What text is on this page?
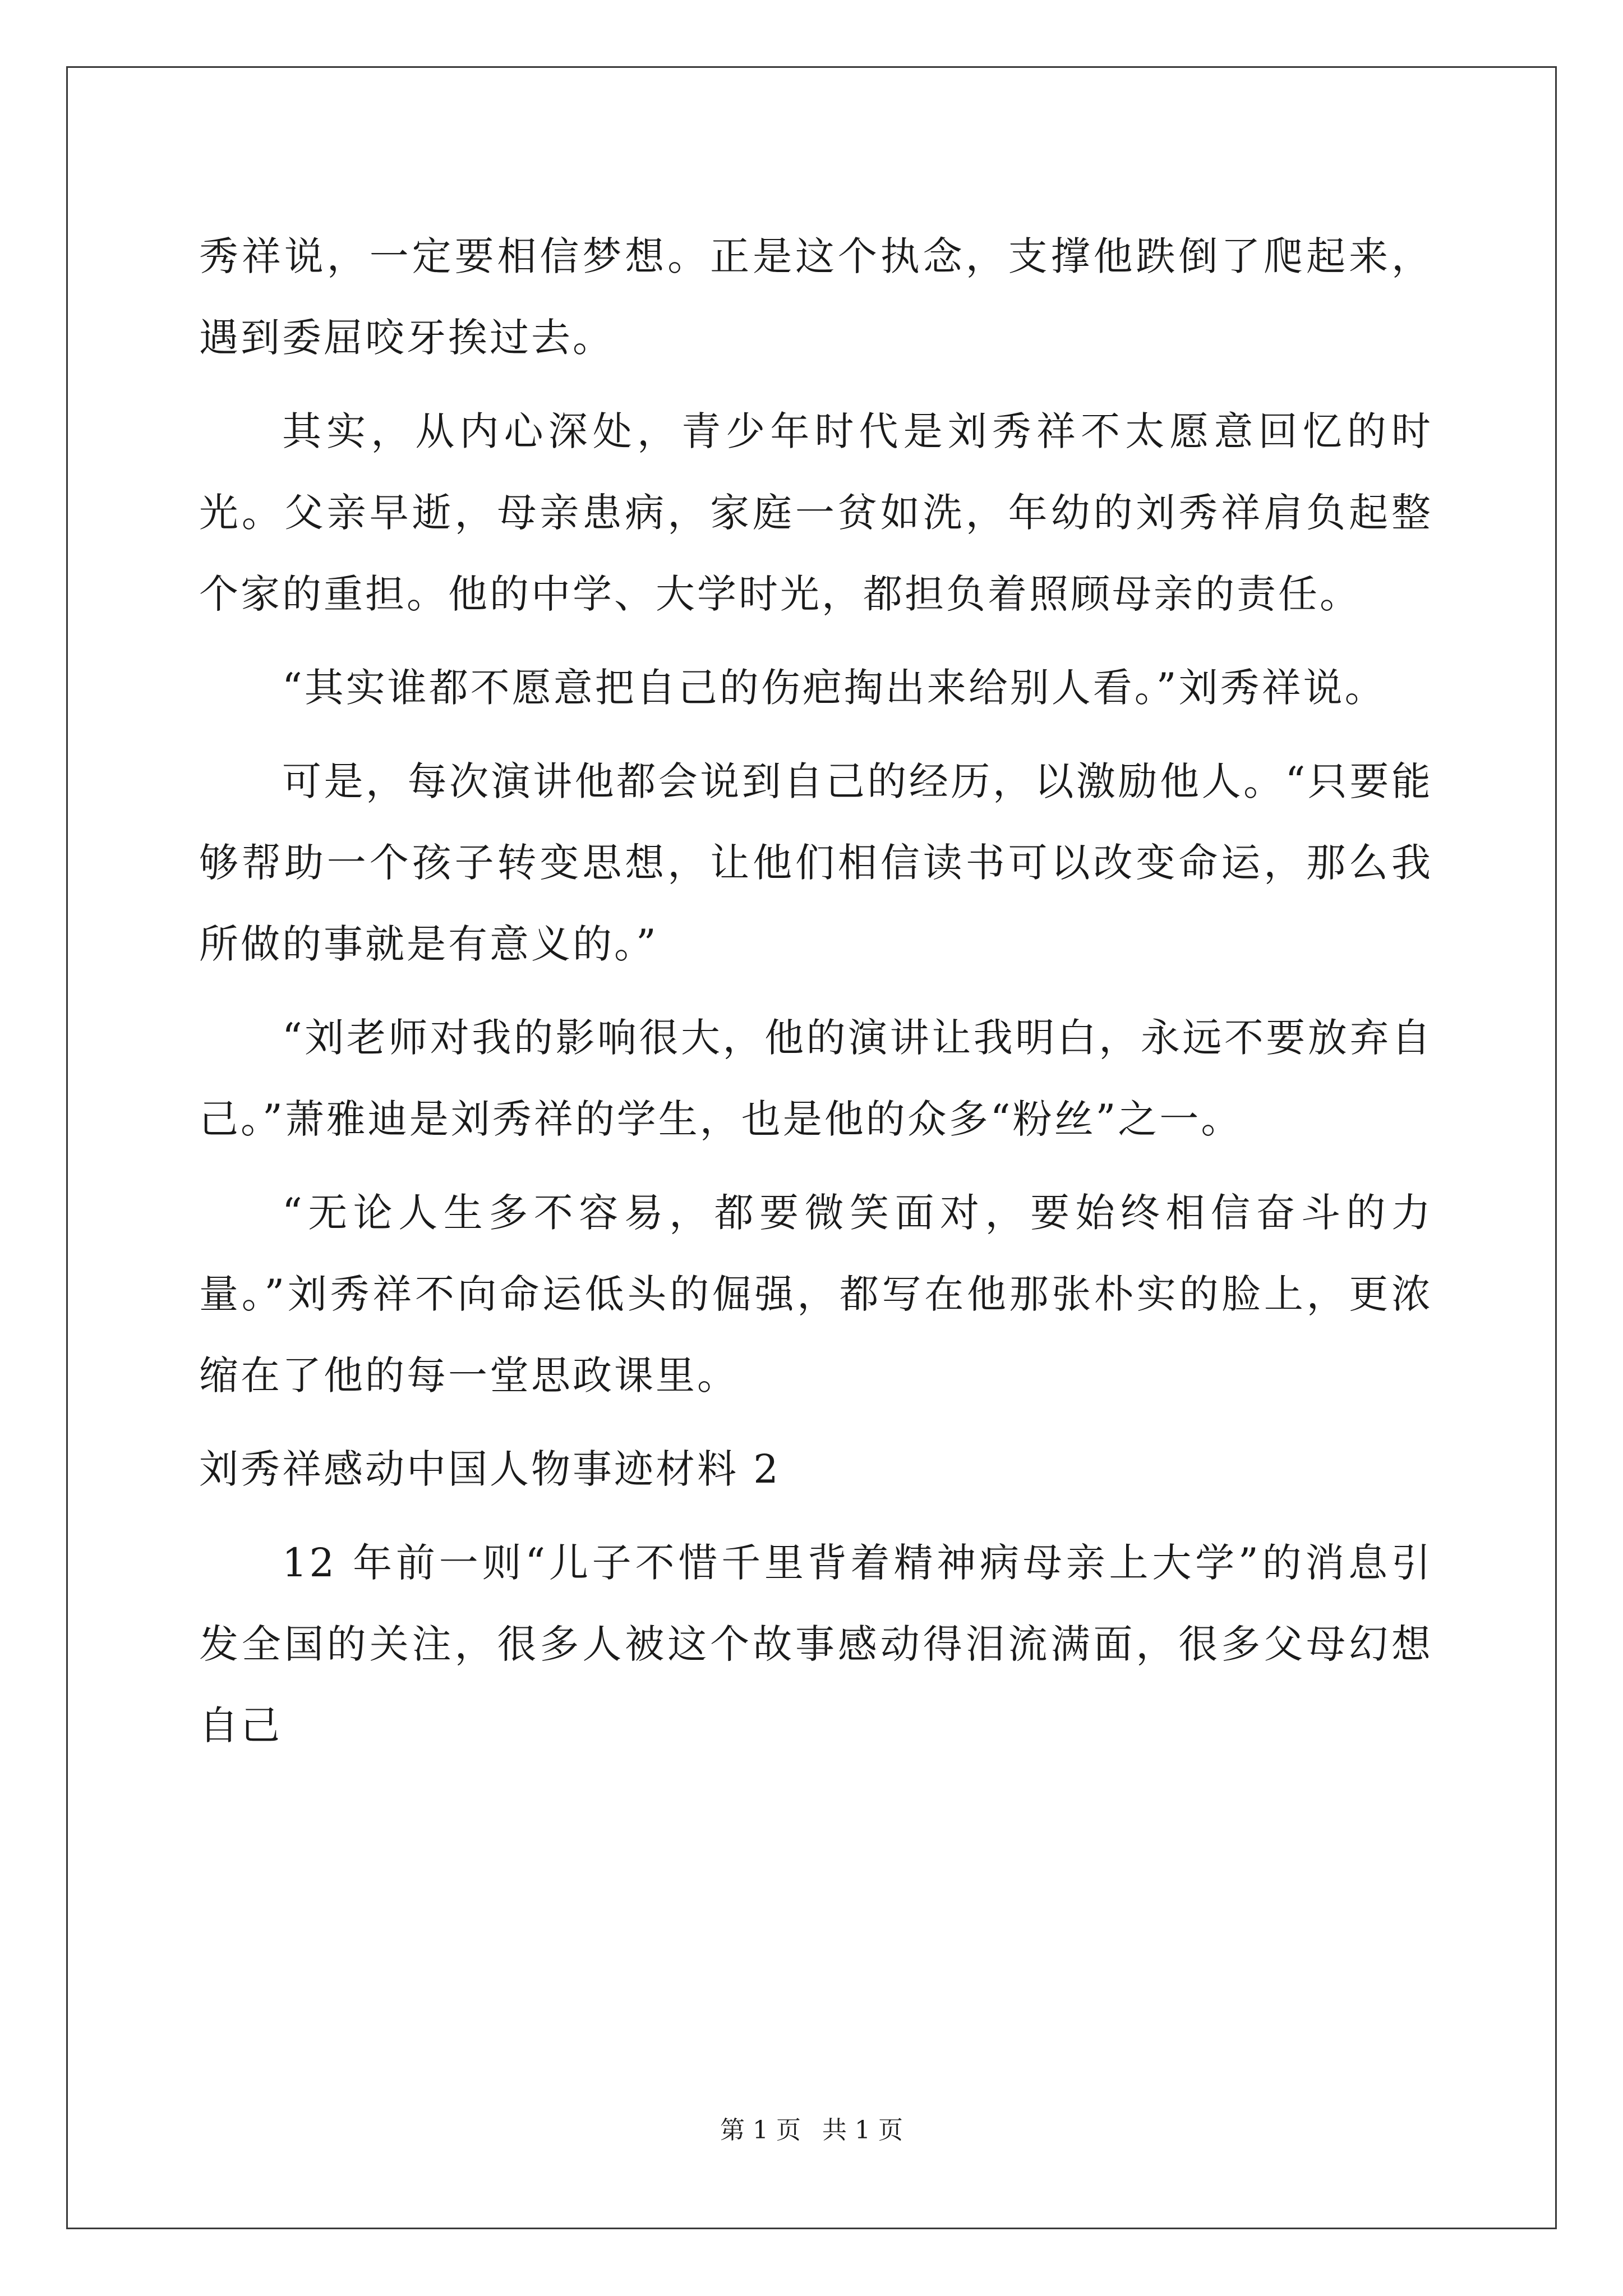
秀祥说，一定要相信梦想。正是这个执念，支撑他跌倒了爬起来，遇到委屈咬牙挨过去。

其实，从内心深处，青少年时代是刘秀祥不太愿意回忆的时光。父亲早逝，母亲患病，家庭一贫如洗，年幼的刘秀祥肩负起整个家的重担。他的中学、大学时光，都担负着照顾母亲的责任。

“其实谁都不愿意把自己的伤疤掏出来给别人看。”刘秀祥说。

可是，每次演讲他都会说到自己的经历，以激励他人。“只要能够帮助一个孩子转变思想，让他们相信读书可以改变命运，那么我所做的事就是有意义的。”

“刘老师对我的影响很大，他的演讲让我明白，永远不要放弃自己。”萧雅迪是刘秀祥的学生，也是他的众多“粉丝”之一。

“无论人生多不容易，都要微笑面对，要始终相信奋斗的力量。”刘秀祥不向命运低头的倔强，都写在他那张朴实的脸上，更浓缩在了他的每一堂思政课里。

刘秀祥感动中国人物事迹材料 2

12 年前一则“儿子不惜千里背着精神病母亲上大学”的消息引发全国的关注，很多人被这个故事感动得泪流满面，很多父母幻想自己

第 1 页 共 1 页
